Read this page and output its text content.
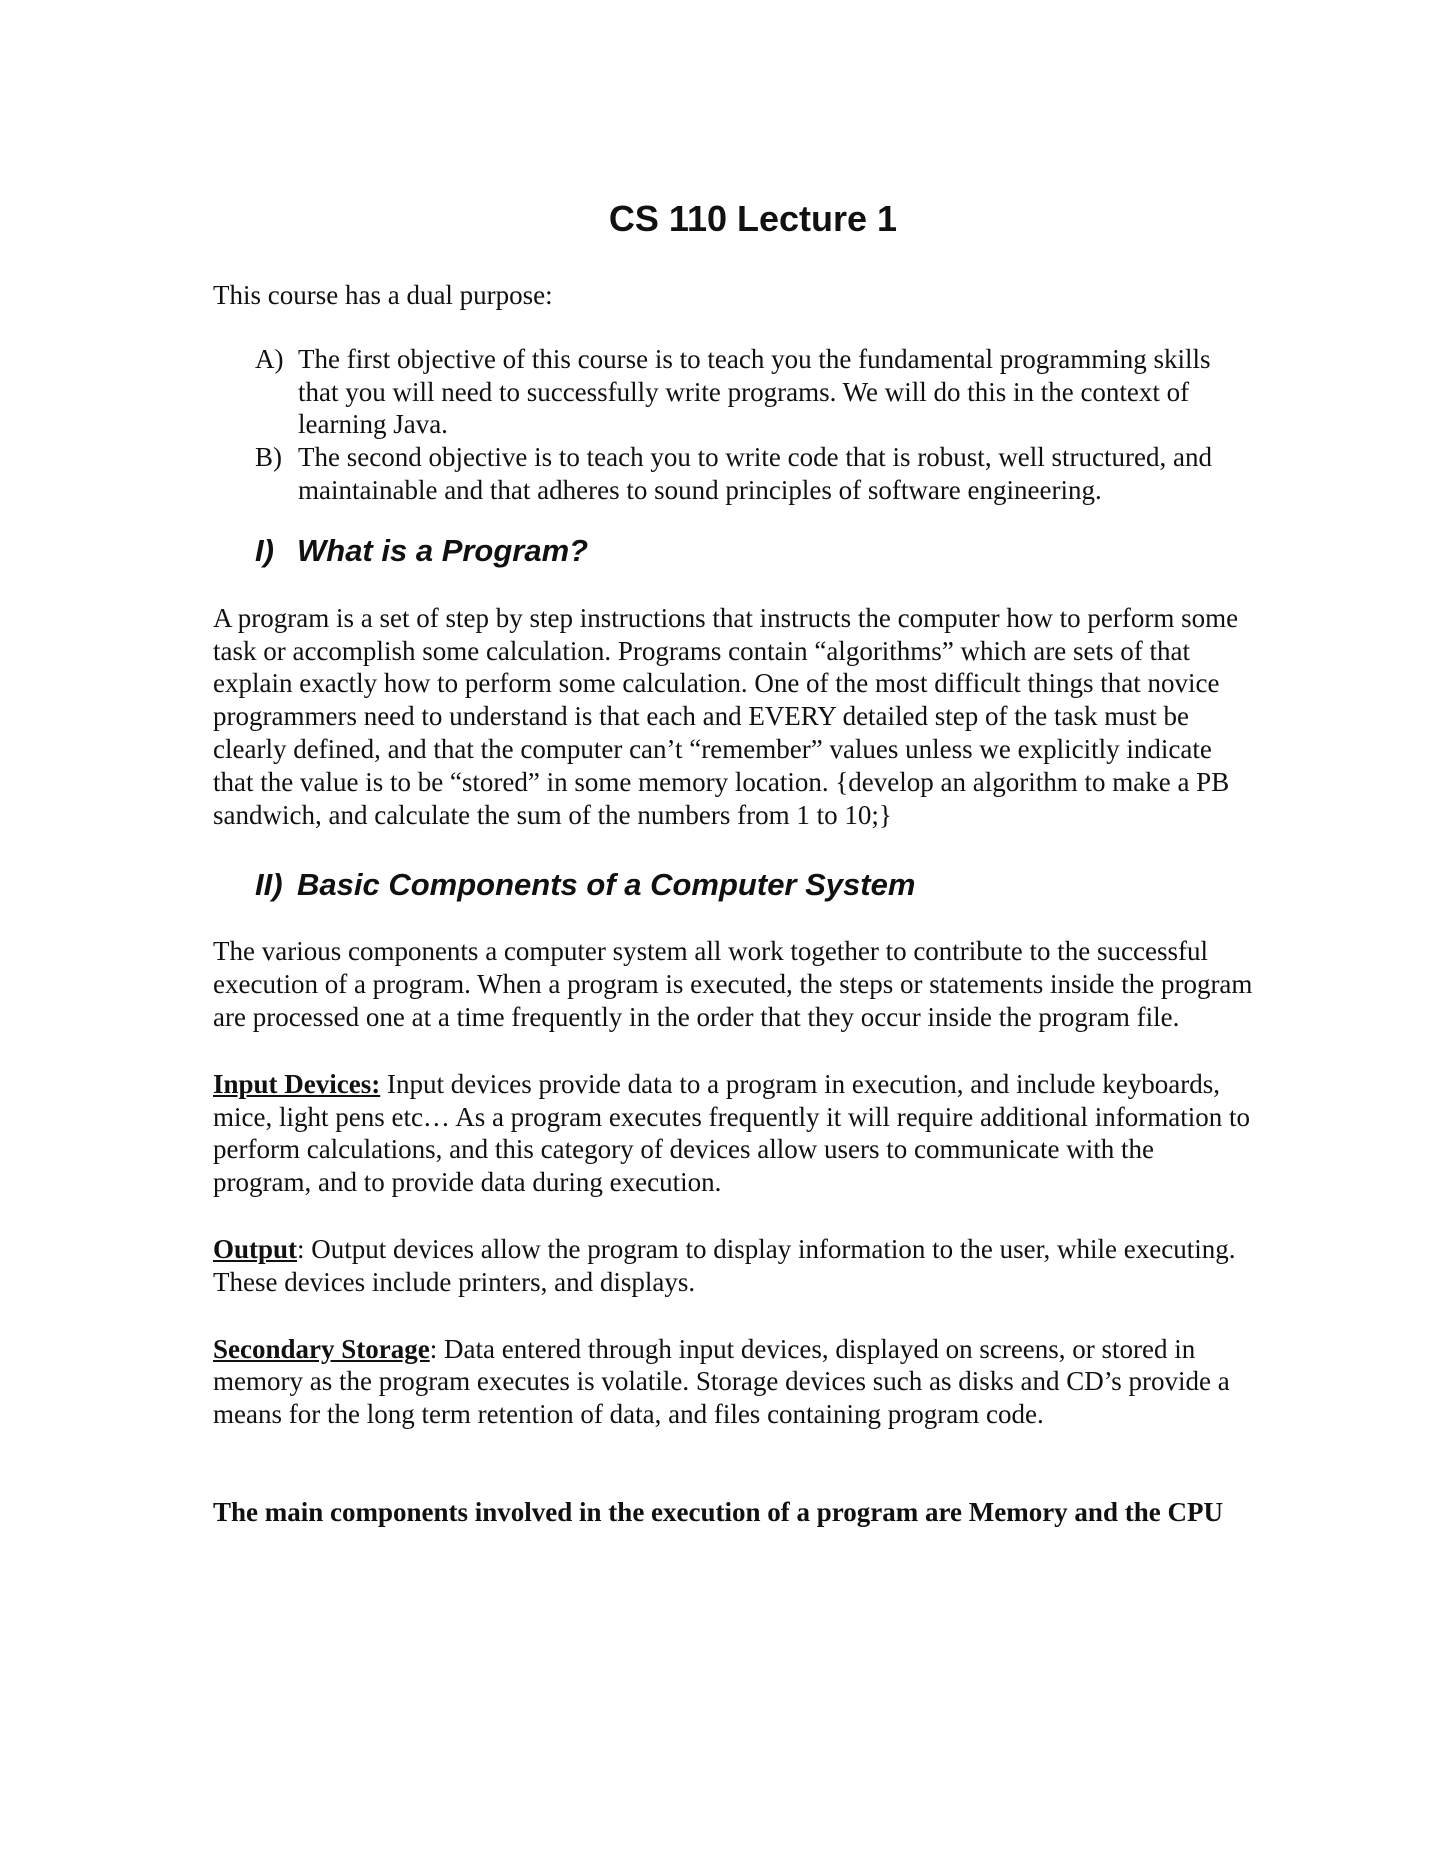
CS 110 Lecture 1

This course has a dual purpose:

A) The first objective of this course is to teach you the fundamental programming skills that you will need to successfully write programs. We will do this in the context of learning Java.
B) The second objective is to teach you to write code that is robust, well structured, and maintainable and that adheres to sound principles of software engineering.
I) What is a Program?

A program is a set of step by step instructions that instructs the computer how to perform some task or accomplish some calculation. Programs contain “algorithms” which are sets of that explain exactly how to perform some calculation. One of the most difficult things that novice programmers need to understand is that each and EVERY detailed step of the task must be clearly defined, and that the computer can’t “remember” values unless we explicitly indicate that the value is to be “stored” in some memory location. {develop an algorithm to make a PB sandwich, and calculate the sum of the numbers from 1 to 10;}

II) Basic Components of a Computer System

The various components a computer system all work together to contribute to the successful execution of a program. When a program is executed, the steps or statements inside the program are processed one at a time frequently in the order that they occur inside the program file.

Input Devices: Input devices provide data to a program in execution, and include keyboards, mice, light pens etc… As a program executes frequently it will require additional information to perform calculations, and this category of devices allow users to communicate with the program, and to provide data during execution.

Output: Output devices allow the program to display information to the user, while executing. These devices include printers, and displays.

Secondary Storage: Data entered through input devices, displayed on screens, or stored in memory as the program executes is volatile. Storage devices such as disks and CD’s provide a means for the long term retention of data, and files containing program code.

The main components involved in the execution of a program are Memory and the CPU
